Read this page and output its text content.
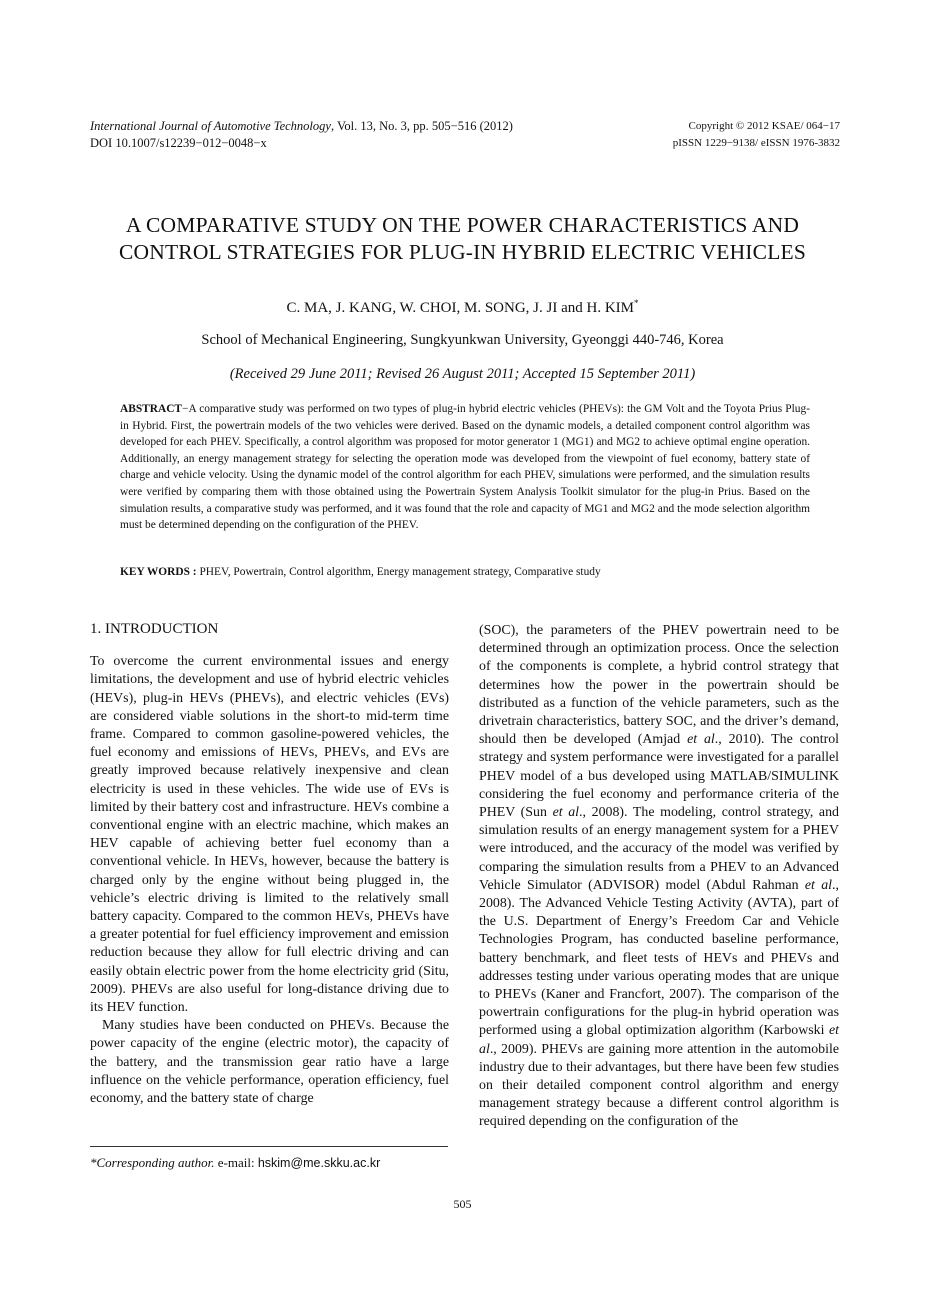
International Journal of Automotive Technology, Vol. 13, No. 3, pp. 505−516 (2012)
DOI 10.1007/s12239−012−0048−x
Copyright © 2012 KSAE/ 064−17
pISSN 1229−9138/ eISSN 1976-3832
A COMPARATIVE STUDY ON THE POWER CHARACTERISTICS AND
CONTROL STRATEGIES FOR PLUG-IN HYBRID ELECTRIC VEHICLES
C. MA, J. KANG, W. CHOI, M. SONG, J. JI and H. KIM*
School of Mechanical Engineering, Sungkyunkwan University, Gyeonggi 440-746, Korea
(Received 29 June 2011; Revised 26 August 2011; Accepted 15 September 2011)
ABSTRACT−A comparative study was performed on two types of plug-in hybrid electric vehicles (PHEVs): the GM Volt and the Toyota Prius Plug-in Hybrid. First, the powertrain models of the two vehicles were derived. Based on the dynamic models, a detailed component control algorithm was developed for each PHEV. Specifically, a control algorithm was proposed for motor generator 1 (MG1) and MG2 to achieve optimal engine operation. Additionally, an energy management strategy for selecting the operation mode was developed from the viewpoint of fuel economy, battery state of charge and vehicle velocity. Using the dynamic model of the control algorithm for each PHEV, simulations were performed, and the simulation results were verified by comparing them with those obtained using the Powertrain System Analysis Toolkit simulator for the plug-in Prius. Based on the simulation results, a comparative study was performed, and it was found that the role and capacity of MG1 and MG2 and the mode selection algorithm must be determined depending on the configuration of the PHEV.
KEY WORDS : PHEV, Powertrain, Control algorithm, Energy management strategy, Comparative study
1. INTRODUCTION

To overcome the current environmental issues and energy limitations, the development and use of hybrid electric vehicles (HEVs), plug-in HEVs (PHEVs), and electric vehicles (EVs) are considered viable solutions in the short-to mid-term time frame. Compared to common gasoline-powered vehicles, the fuel economy and emissions of HEVs, PHEVs, and EVs are greatly improved because relatively inexpensive and clean electricity is used in these vehicles. The wide use of EVs is limited by their battery cost and infrastructure. HEVs combine a conventional engine with an electric machine, which makes an HEV capable of achieving better fuel economy than a conventional vehicle. In HEVs, however, because the battery is charged only by the engine without being plugged in, the vehicle’s electric driving is limited to the relatively small battery capacity. Compared to the common HEVs, PHEVs have a greater potential for fuel efficiency improvement and emission reduction because they allow for full electric driving and can easily obtain electric power from the home electricity grid (Situ, 2009). PHEVs are also useful for long-distance driving due to its HEV function.

Many studies have been conducted on PHEVs. Because the power capacity of the engine (electric motor), the capacity of the battery, and the transmission gear ratio have a large influence on the vehicle performance, operation efficiency, fuel economy, and the battery state of charge

(SOC), the parameters of the PHEV powertrain need to be determined through an optimization process. Once the selection of the components is complete, a hybrid control strategy that determines how the power in the powertrain should be distributed as a function of the vehicle parameters, such as the drivetrain characteristics, battery SOC, and the driver’s demand, should then be developed (Amjad et al., 2010). The control strategy and system performance were investigated for a parallel PHEV model of a bus developed using MATLAB/SIMULINK considering the fuel economy and performance criteria of the PHEV (Sun et al., 2008). The modeling, control strategy, and simulation results of an energy management system for a PHEV were introduced, and the accuracy of the model was verified by comparing the simulation results from a PHEV to an Advanced Vehicle Simulator (ADVISOR) model (Abdul Rahman et al., 2008). The Advanced Vehicle Testing Activity (AVTA), part of the U.S. Department of Energy’s Freedom Car and Vehicle Technologies Program, has conducted baseline performance, battery benchmark, and fleet tests of HEVs and PHEVs and addresses testing under various operating modes that are unique to PHEVs (Kaner and Francfort, 2007). The comparison of the powertrain configurations for the plug-in hybrid operation was performed using a global optimization algorithm (Karbowski et al., 2009). PHEVs are gaining more attention in the automobile industry due to their advantages, but there have been few studies on their detailed component control algorithm and energy management strategy because a different control algorithm is required depending on the configuration of the

*Corresponding author. e-mail: hskim@me.skku.ac.kr
505
